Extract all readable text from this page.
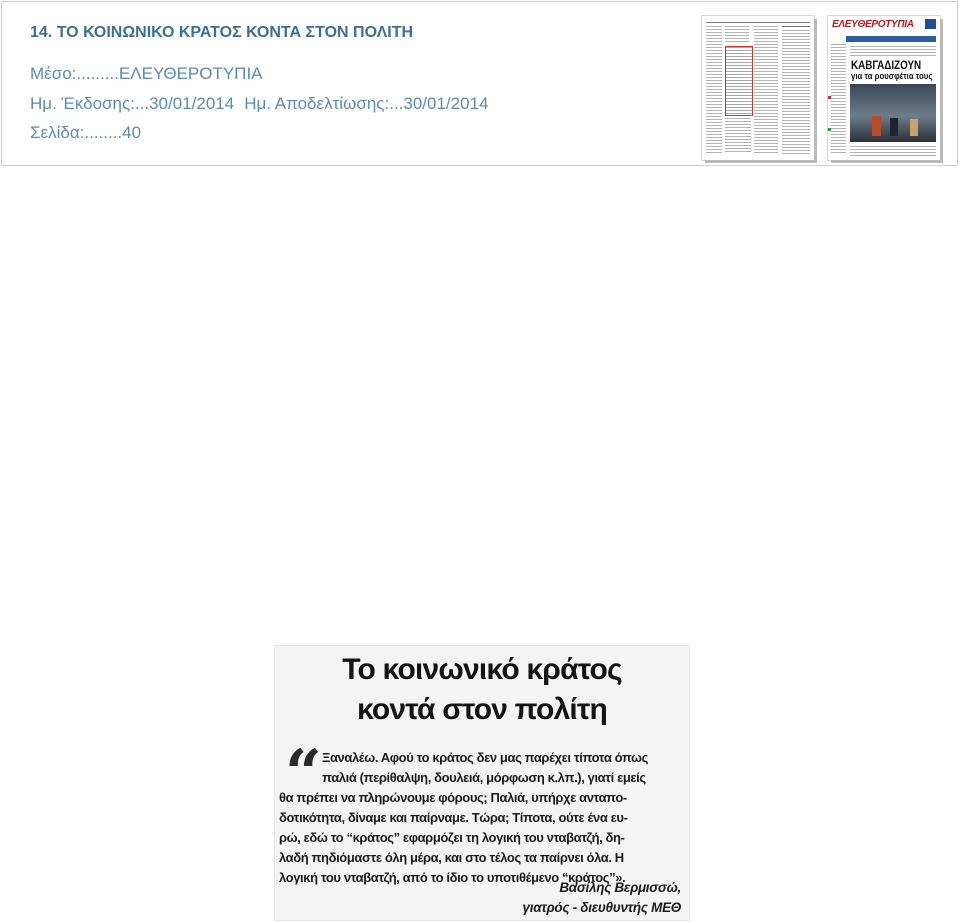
14. ΤΟ ΚΟΙΝΩΝΙΚΟ ΚΡΑΤΟΣ ΚΟΝΤΑ ΣΤΟΝ ΠΟΛΙΤΗ
Μέσο:.........ΕΛΕΥΘΕΡΟΤΥΠΙΑ
Ημ. Έκδοσης:...30/01/2014 Ημ. Αποδελτίωσης:...30/01/2014
Σελίδα:........40
ΕΛΕΥΘΕΡΟΤΥΠΙΑ
ΚΑΒΓΑΔΙΖΟΥΝ
για τα ρουσφέτια τους
Το κοινωνικό κράτος
κοντά στον πολίτη
“ Ξαναλέω. Αφού το κράτος δεν μας παρέχει τίποτα όπως
παλιά (περίθαλψη, δουλειά, μόρφωση κ.λπ.), γιατί εμείς
θα πρέπει να πληρώνουμε φόρους; Παλιά, υπήρχε ανταπο-
δοτικότητα, δίναμε και παίρναμε. Τώρα; Τίποτα, ούτε ένα ευ-
ρώ, εδώ το “κράτος” εφαρμόζει τη λογική του νταβατζή, δη-
λαδή πηδιόμαστε όλη μέρα, και στο τέλος τα παίρνει όλα. Η
λογική του νταβατζή, από το ίδιο το υποτιθέμενο “κράτος”».
Βασίλης Βερμισσώ,
γιατρός - διευθυντής ΜΕΘ
